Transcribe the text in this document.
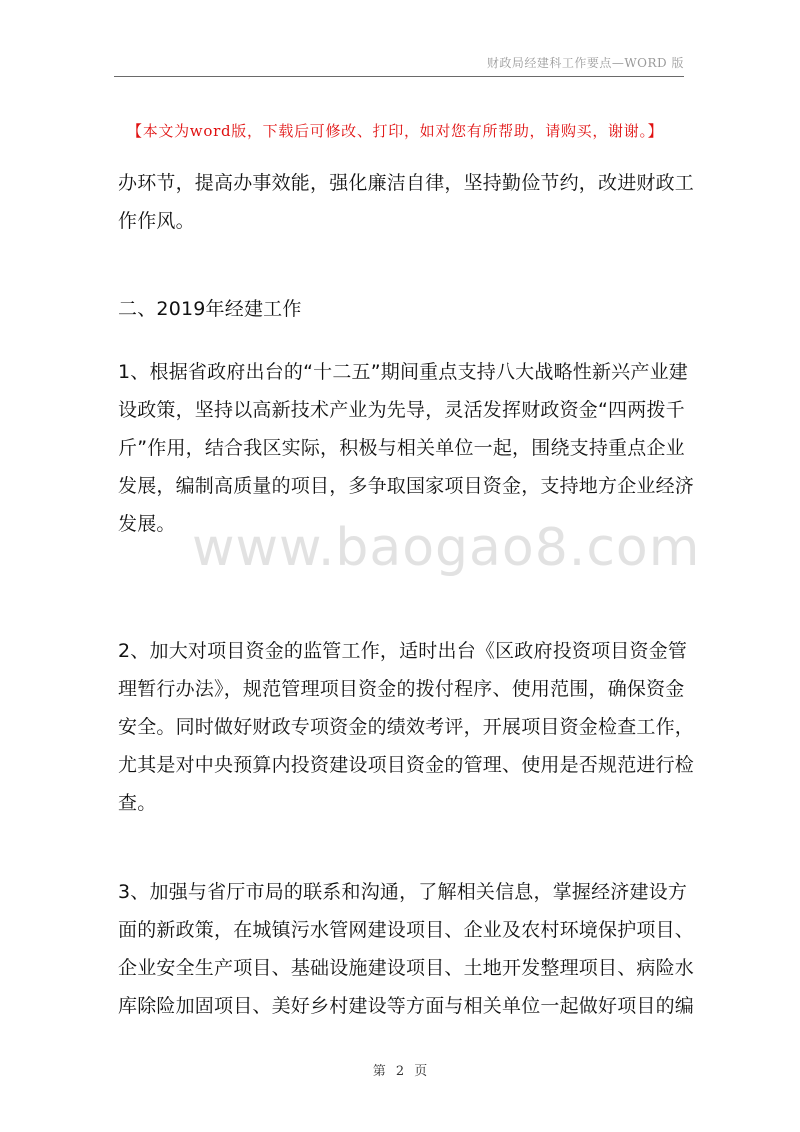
财政局经建科工作要点—WORD 版
【本文为word版，下载后可修改、打印，如对您有所帮助，请购买，谢谢。】
www.baogao8.com
办环节，提高办事效能，强化廉洁自律，坚持勤俭节约，改进财政工
作作风。
二、2019年经建工作
1、根据省政府出台的“十二五”期间重点支持八大战略性新兴产业建
设政策，坚持以高新技术产业为先导，灵活发挥财政资金“四两拨千
斤”作用，结合我区实际，积极与相关单位一起，围绕支持重点企业
发展，编制高质量的项目，多争取国家项目资金，支持地方企业经济
发展。
2、加大对项目资金的监管工作，适时出台《区政府投资项目资金管
理暂行办法》，规范管理项目资金的拨付程序、使用范围，确保资金
安全。同时做好财政专项资金的绩效考评，开展项目资金检查工作，
尤其是对中央预算内投资建设项目资金的管理、使用是否规范进行检
查。
3、加强与省厅市局的联系和沟通，了解相关信息，掌握经济建设方
面的新政策，在城镇污水管网建设项目、企业及农村环境保护项目、
企业安全生产项目、基础设施建设项目、土地开发整理项目、病险水
库除险加固项目、美好乡村建设等方面与相关单位一起做好项目的编
第 2 页
